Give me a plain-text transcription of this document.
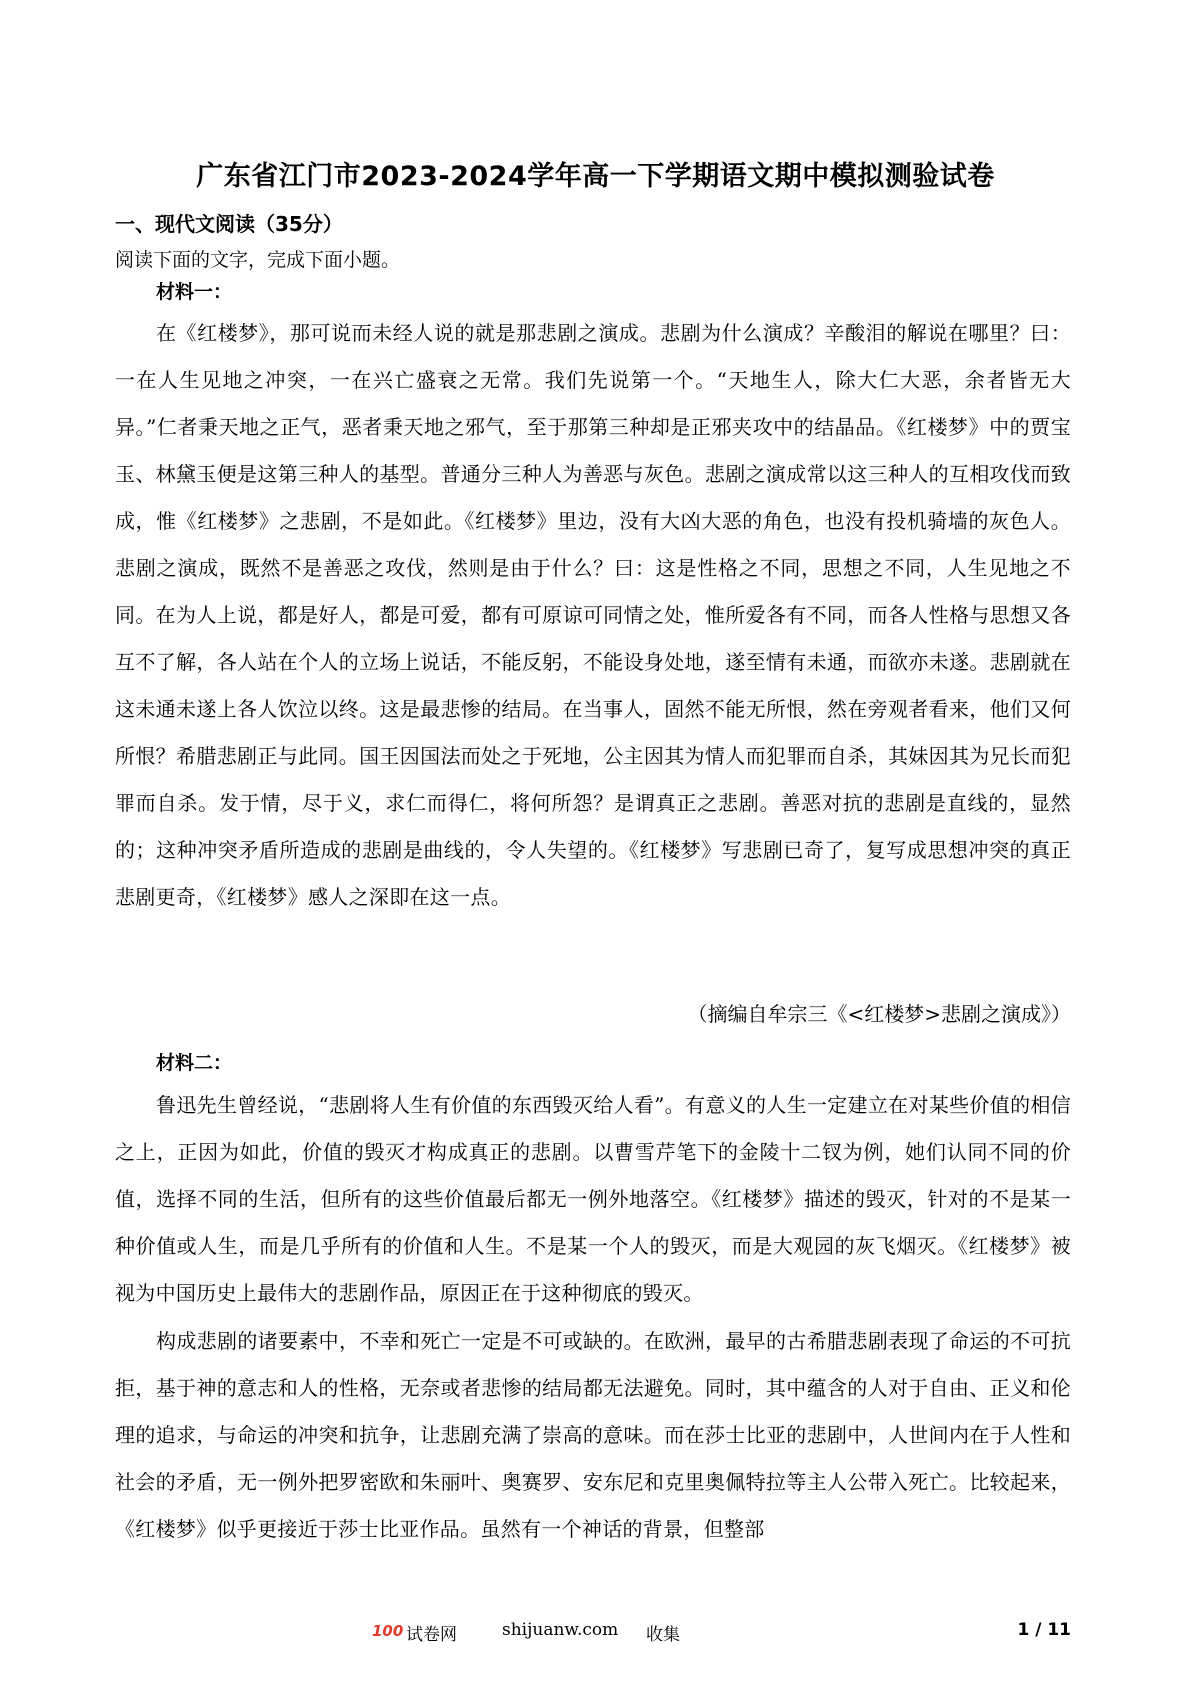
广东省江门市2023-2024学年高一下学期语文期中模拟测验试卷
一、现代文阅读（35分）
阅读下面的文字，完成下面小题。
材料一：

在《红楼梦》，那可说而未经人说的就是那悲剧之演成。悲剧为什么演成？辛酸泪的解说在哪里？曰：一在人生见地之冲突，一在兴亡盛衰之无常。我们先说第一个。“天地生人，除大仁大恶，余者皆无大异。”仁者秉天地之正气，恶者秉天地之邪气，至于那第三种却是正邪夹攻中的结晶品。《红楼梦》中的贾宝玉、林黛玉便是这第三种人的基型。普通分三种人为善恶与灰色。悲剧之演成常以这三种人的互相攻伐而致成，惟《红楼梦》之悲剧，不是如此。《红楼梦》里边，没有大凶大恶的角色，也没有投机骑墙的灰色人。悲剧之演成，既然不是善恶之攻伐，然则是由于什么？曰：这是性格之不同，思想之不同，人生见地之不同。在为人上说，都是好人，都是可爱，都有可原谅可同情之处，惟所爱各有不同，而各人性格与思想又各互不了解，各人站在个人的立场上说话，不能反躬，不能设身处地，遂至情有未通，而欲亦未遂。悲剧就在这未通未遂上各人饮泣以终。这是最悲惨的结局。在当事人，固然不能无所恨，然在旁观者看来，他们又何所恨？希腊悲剧正与此同。国王因国法而处之于死地，公主因其为情人而犯罪而自杀，其妹因其为兄长而犯罪而自杀。发于情，尽于义，求仁而得仁，将何所怨？是谓真正之悲剧。善恶对抗的悲剧是直线的，显然的；这种冲突矛盾所造成的悲剧是曲线的，令人失望的。《红楼梦》写悲剧已奇了，复写成思想冲突的真正悲剧更奇，《红楼梦》感人之深即在这一点。

（摘编自牟宗三《<红楼梦>悲剧之演成》）
材料二：

鲁迅先生曾经说，“悲剧将人生有价值的东西毁灭给人看”。有意义的人生一定建立在对某些价值的相信之上，正因为如此，价值的毁灭才构成真正的悲剧。以曹雪芹笔下的金陵十二钗为例，她们认同不同的价值，选择不同的生活，但所有的这些价值最后都无一例外地落空。《红楼梦》描述的毁灭，针对的不是某一种价值或人生，而是几乎所有的价值和人生。不是某一个人的毁灭，而是大观园的灰飞烟灭。《红楼梦》被视为中国历史上最伟大的悲剧作品，原因正在于这种彻底的毁灭。

构成悲剧的诸要素中，不幸和死亡一定是不可或缺的。在欧洲，最早的古希腊悲剧表现了命运的不可抗拒，基于神的意志和人的性格，无奈或者悲惨的结局都无法避免。同时，其中蕴含的人对于自由、正义和伦理的追求，与命运的冲突和抗争，让悲剧充满了崇高的意味。而在莎士比亚的悲剧中，人世间内在于人性和社会的矛盾，无一例外把罗密欧和朱丽叶、奥赛罗、安东尼和克里奥佩特拉等主人公带入死亡。比较起来，《红楼梦》似乎更接近于莎士比亚作品。虽然有一个神话的背景，但整部

100 试卷网	shijuanw.com 收集	1 / 11
